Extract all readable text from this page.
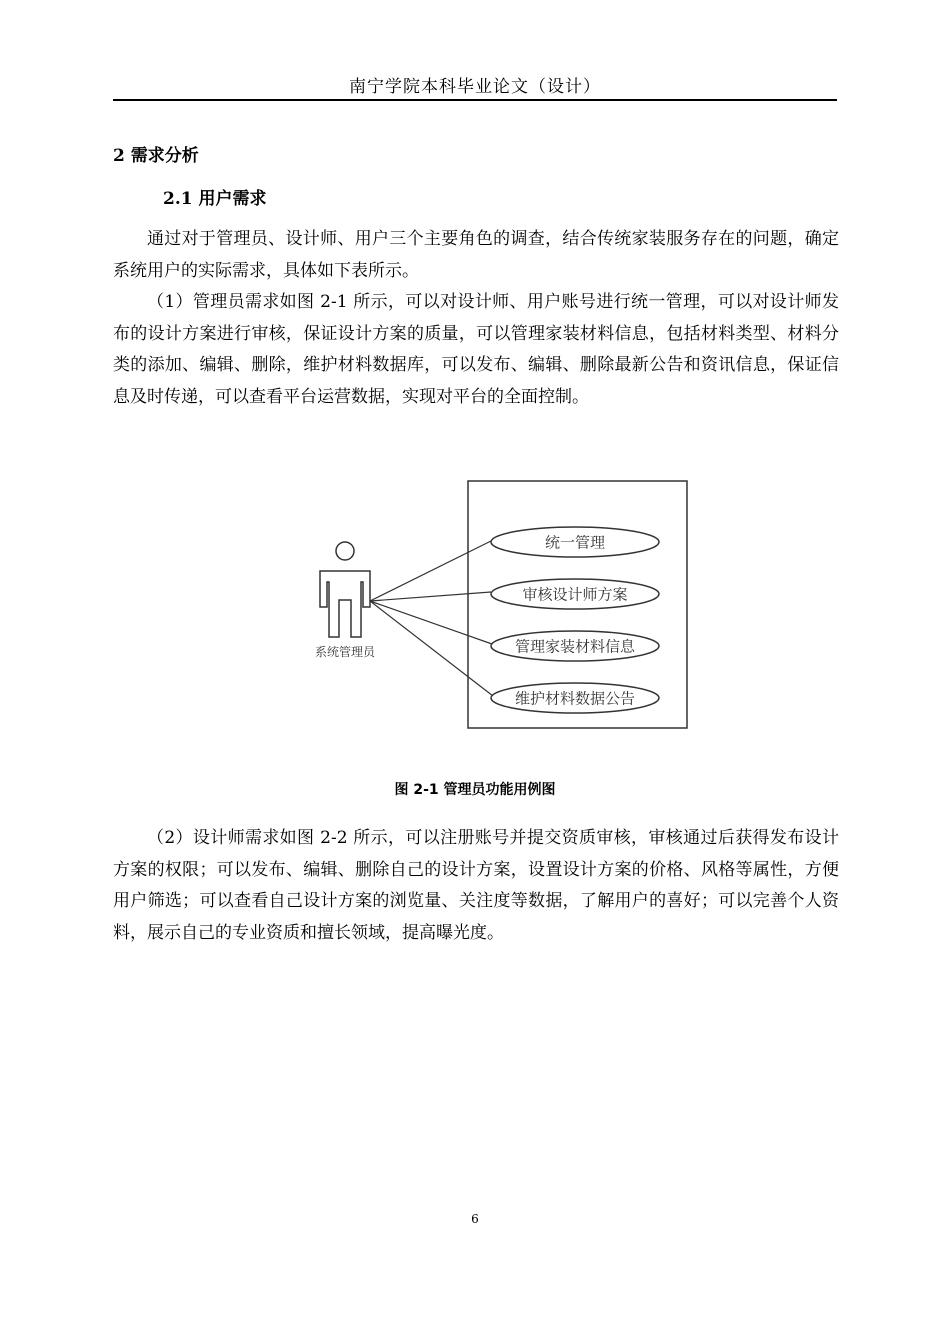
南宁学院本科毕业论文（设计）
2 需求分析
2.1 用户需求

通过对于管理员、设计师、用户三个主要角色的调查，结合传统家装服务存在的问题，确定系统用户的实际需求，具体如下表所示。

（1）管理员需求如图 2-1 所示，可以对设计师、用户账号进行统一管理，可以对设计师发布的设计方案进行审核，保证设计方案的质量，可以管理家装材料信息，包括材料类型、材料分类的添加、编辑、删除，维护材料数据库，可以发布、编辑、删除最新公告和资讯信息，保证信息及时传递，可以查看平台运营数据，实现对平台的全面控制。

系统管理员
统一管理
审核设计师方案
管理家装材料信息
维护材料数据公告
图 2-1 管理员功能用例图

（2）设计师需求如图 2-2 所示，可以注册账号并提交资质审核，审核通过后获得发布设计方案的权限；可以发布、编辑、删除自己的设计方案，设置设计方案的价格、风格等属性，方便用户筛选；可以查看自己设计方案的浏览量、关注度等数据，了解用户的喜好；可以完善个人资料，展示自己的专业资质和擅长领域，提高曝光度。

6
